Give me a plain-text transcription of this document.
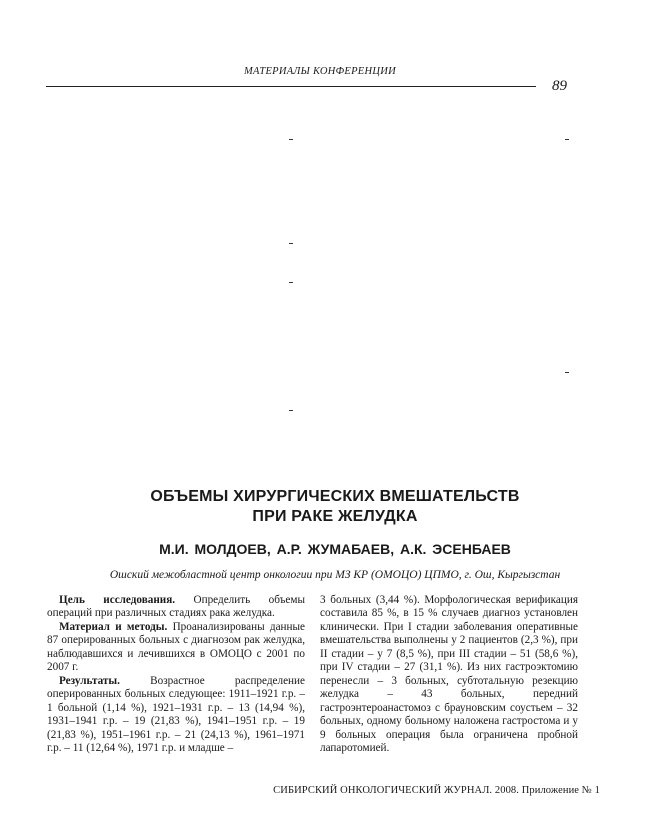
МАТЕРИАЛЫ КОНФЕРЕНЦИИ
89
ОБЪЕМЫ ХИРУРГИЧЕСКИХ ВМЕШАТЕЛЬСТВ
ПРИ РАКЕ ЖЕЛУДКА
М.И. МОЛДОЕВ, А.Р. ЖУМАБАЕВ, А.К. ЭСЕНБАЕВ
Ошский межобластной центр онкологии при МЗ КР (ОМОЦО) ЦПМО, г. Ош, Кыргызстан

Цель исследования. Определить объемы операций при различных стадиях рака желудка.

Материал и методы. Проанализированы данные 87 оперированных больных с диагнозом рак желудка, наблюдавшихся и лечившихся в ОМОЦО с 2001 по 2007 г.

Результаты. Возрастное распределение оперированных больных следующее: 1911–1921 г.р. – 1 больной (1,14 %), 1921–1931 г.р. – 13 (14,94 %), 1931–1941 г.р. – 19 (21,83 %), 1941–1951 г.р. – 19 (21,83 %), 1951–1961 г.р. – 21 (24,13 %), 1961–1971 г.р. – 11 (12,64 %), 1971 г.р. и младше –

3 больных (3,44 %). Морфологическая верификация составила 85 %, в 15 % случаев диагноз установлен клинически. При I стадии заболевания оперативные вмешательства выполнены у 2 пациентов (2,3 %), при II стадии – у 7 (8,5 %), при III стадии – 51 (58,6 %), при IV стадии – 27 (31,1 %). Из них гастроэктомию перенесли – 3 больных, субтотальную резекцию желудка – 43 больных, передний гастроэнтероанастомоз с брауновским соустьем – 32 больных, одному больному наложена гастростома и у 9 больных операция была ограничена пробной лапаротомией.

СИБИРСКИЙ ОНКОЛОГИЧЕСКИЙ ЖУРНАЛ. 2008. Приложение № 1
